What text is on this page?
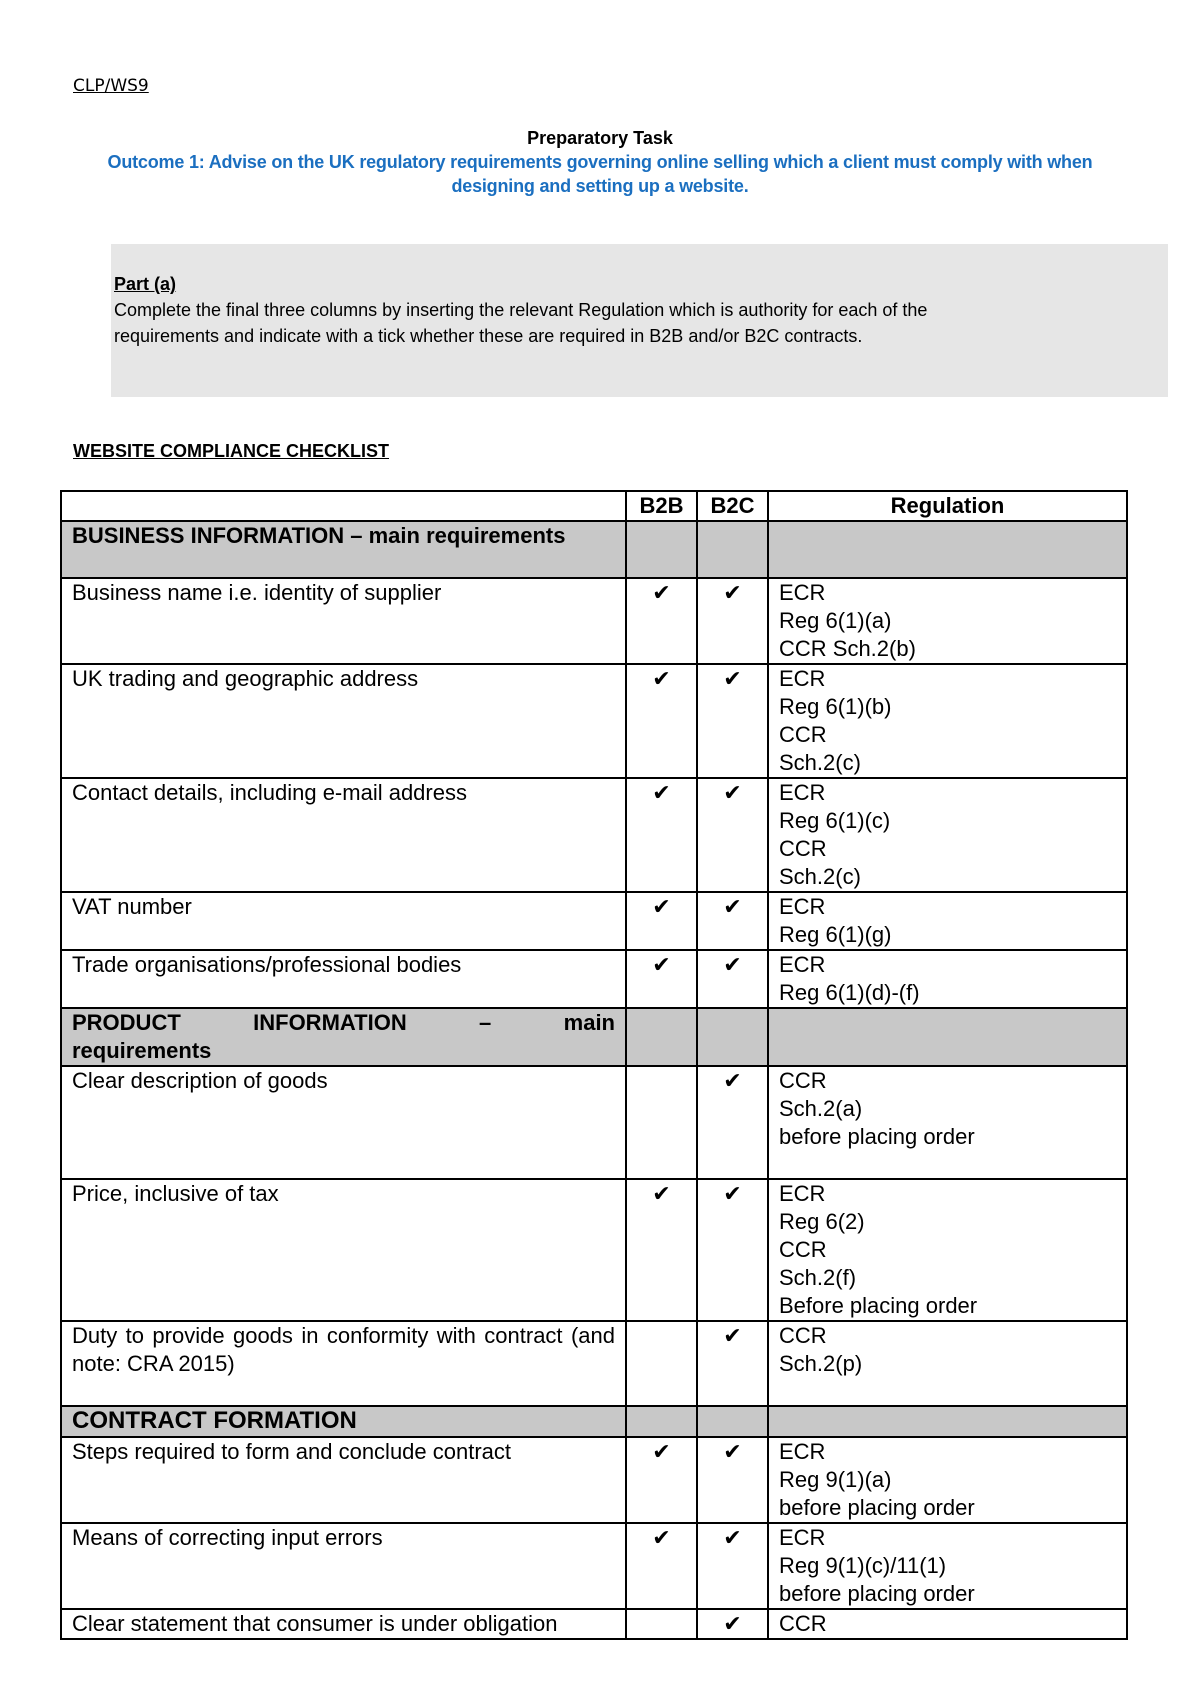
CLP/WS9
Preparatory Task
Outcome 1: Advise on the UK regulatory requirements governing online selling which a client must comply with when
designing and setting up a website.
Part (a)
Complete the final three columns by inserting the relevant Regulation which is authority for each of the
requirements and indicate with a tick whether these are required in B2B and/or B2C contracts.
WEBSITE COMPLIANCE CHECKLIST
	B2B	B2C	Regulation
BUSINESS INFORMATION – main requirements			
Business name i.e. identity of supplier	✔	✔	ECR
Reg 6(1)(a)
CCR Sch.2(b)
UK trading and geographic address	✔	✔	ECR
Reg 6(1)(b)
CCR
Sch.2(c)
Contact details, including e-mail address	✔	✔	ECR
Reg 6(1)(c)
CCR
Sch.2(c)
VAT number	✔	✔	ECR
Reg 6(1)(g)
Trade organisations/professional bodies	✔	✔	ECR
Reg 6(1)(d)-(f)

PRODUCT INFORMATION – main
requirements			

Clear description of goods		✔	CCR
Sch.2(a)
before placing order
Price, inclusive of tax	✔	✔	ECR
Reg 6(2)
CCR
Sch.2(f)
Before placing order
Duty to provide goods in conformity with contract (and note: CRA 2015)		✔	CCR
Sch.2(p)
CONTRACT FORMATION			
Steps required to form and conclude contract	✔	✔	ECR
Reg 9(1)(a)
before placing order
Means of correcting input errors	✔	✔	ECR
Reg 9(1)(c)/11(1)
before placing order
Clear statement that consumer is under obligation		✔	CCR
